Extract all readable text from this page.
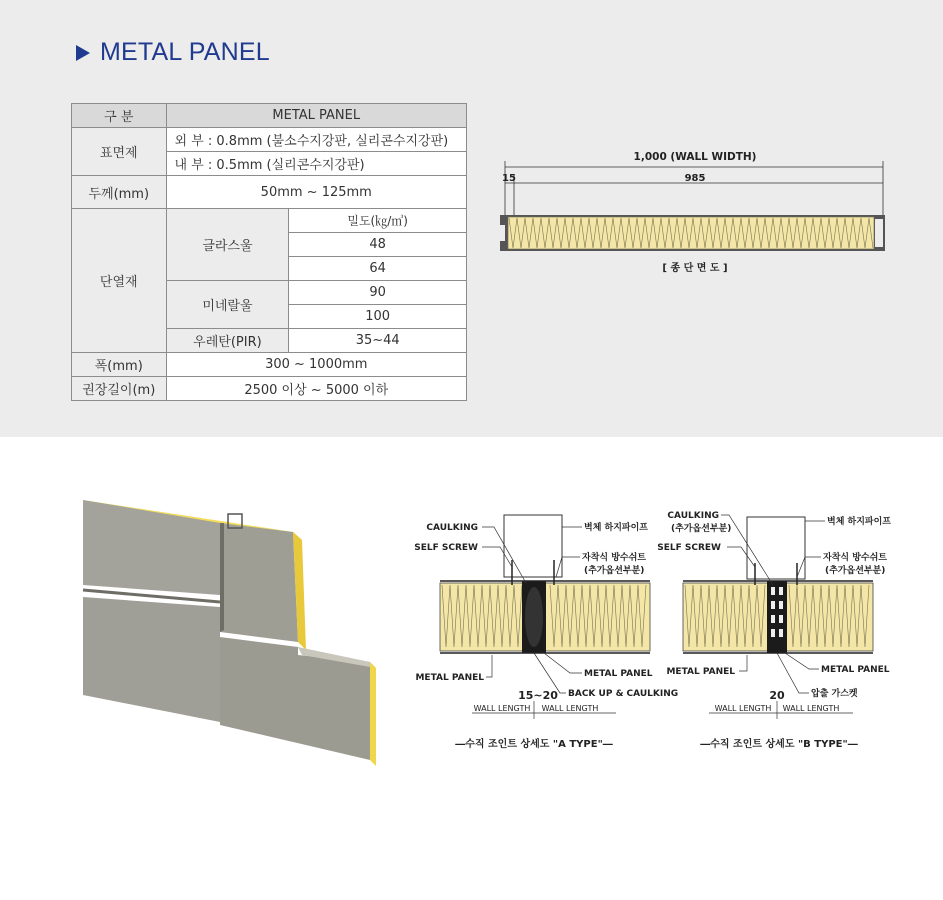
METAL PANEL
구 분	METAL PANEL	
표면제	외 부 : 0.8mm (불소수지강판, 실리콘수지강판)	
	내 부 : 0.5mm (실리콘수지강판)	
두께(mm)	50mm ~ 125mm	
단열재	글라스울	밀도(㎏/㎥)
		48
		64
	미네랄울	90
		100
	우레탄(PIR)	35~44
폭(mm)	300 ~ 1000mm	
권장길이(m)	2500 이상 ~ 5000 이하	
1,000 (WALL WIDTH)
15	985
[ 종 단 면 도 ]
CAULKING
SELF SCREW
벽체 하지파이프
자착식 방수쉬트
(추가옵션부분)
METAL PANEL	METAL PANEL
15~20 BACK UP & CAULKING
WALL LENGTH WALL LENGTH
―수직 조인트 상세도 "A TYPE"―
CAULKING
(추가옵션부분)
SELF SCREW
벽체 하지파이프
자착식 방수쉬트
(추가옵션부분)
METAL PANEL	METAL PANEL
20	압출 가스켓
WALL LENGTH WALL LENGTH
―수직 조인트 상세도 "B TYPE"―
